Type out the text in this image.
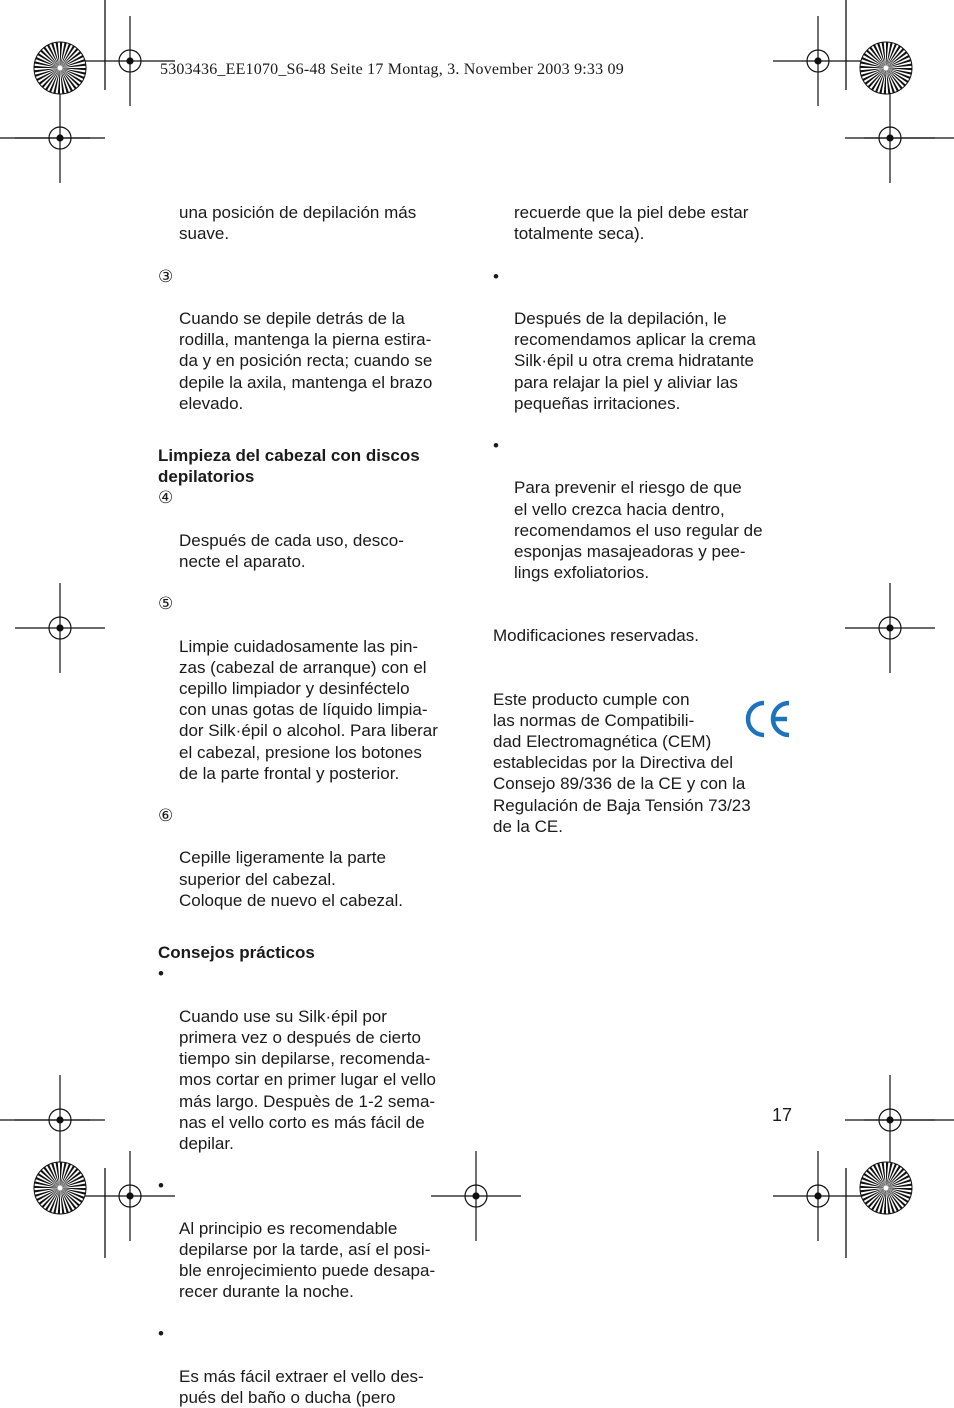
5303436_EE1070_S6-48 Seite 17 Montag, 3. November 2003 9:33 09

una posición de depilación más
suave.

③

Cuando se depile detrás de la
rodilla, mantenga la pierna estira-
da y en posición recta; cuando se
depile la axila, mantenga el brazo
elevado.

Limpieza del cabezal con discos
depilatorios

④

Después de cada uso, desco-
necte el aparato.

⑤

Limpie cuidadosamente las pin-
zas (cabezal de arranque) con el
cepillo limpiador y desinféctelo
con unas gotas de líquido limpia-
dor Silk·épil o alcohol. Para liberar
el cabezal, presione los botones
de la parte frontal y posterior.

⑥

Cepille ligeramente la parte
superior del cabezal.
Coloque de nuevo el cabezal.

Consejos prácticos

•

Cuando use su Silk·épil por
primera vez o después de cierto
tiempo sin depilarse, recomenda-
mos cortar en primer lugar el vello
más largo. Despuès de 1-2 sema-
nas el vello corto es más fácil de
depilar.

•

Al principio es recomendable
depilarse por la tarde, así el posi-
ble enrojecimiento puede desapa-
recer durante la noche.

•

Es más fácil extraer el vello des-
pués del baño o ducha (pero

recuerde que la piel debe estar
totalmente seca).

•

Después de la depilación, le
recomendamos aplicar la crema
Silk·épil u otra crema hidratante
para relajar la piel y aliviar las
pequeñas irritaciones.

•

Para prevenir el riesgo de que
el vello crezca hacia dentro,
recomendamos el uso regular de
esponjas masajeadoras y pee-
lings exfoliatorios.

Modificaciones reservadas.
Este producto cumple con
las normas de Compatibili-
dad Electromagnética (CEM)
establecidas por la Directiva del
Consejo 89/336 de la CE y con la
Regulación de Baja Tensión 73/23
de la CE.
17
